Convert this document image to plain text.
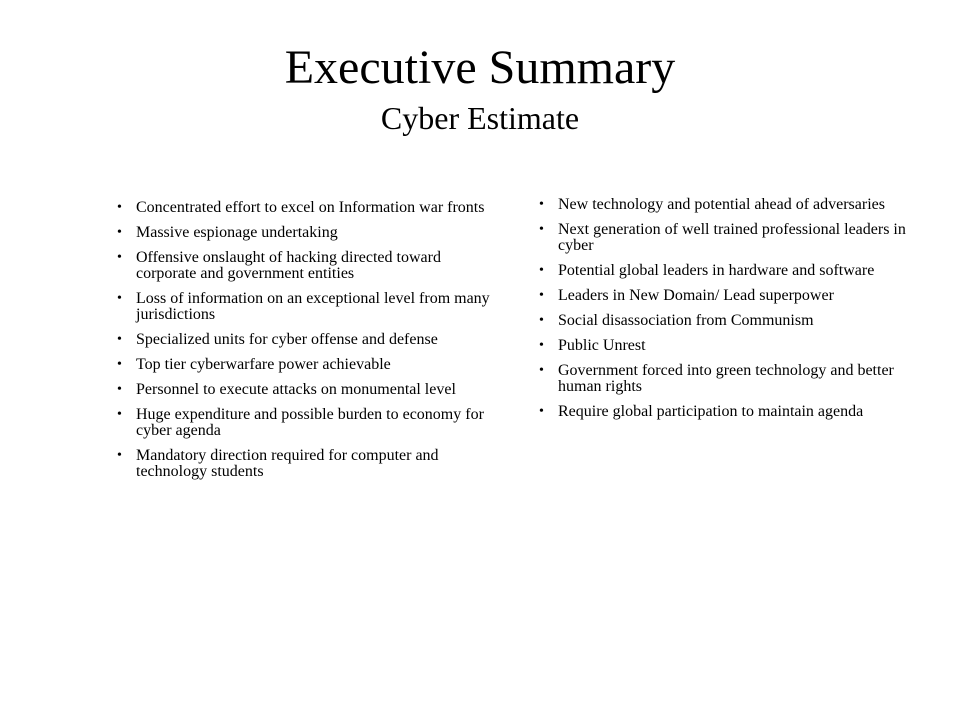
Executive Summary
Cyber Estimate
• Concentrated effort to excel on Information war fronts
• Massive espionage undertaking
• Offensive onslaught of hacking directed toward corporate and government entities
• Loss of information on an exceptional level from many jurisdictions
• Specialized units for cyber offense and defense
• Top tier cyberwarfare power achievable
• Personnel to execute attacks on monumental level
• Huge expenditure and possible burden to economy for cyber agenda
• Mandatory direction required for computer and technology students
• New technology and potential ahead of adversaries
• Next generation of well trained professional leaders in cyber
• Potential global leaders in hardware and software
• Leaders in New Domain/ Lead superpower
• Social disassociation from Communism
• Public Unrest
• Government forced into green technology and better human rights
• Require global participation to maintain agenda
